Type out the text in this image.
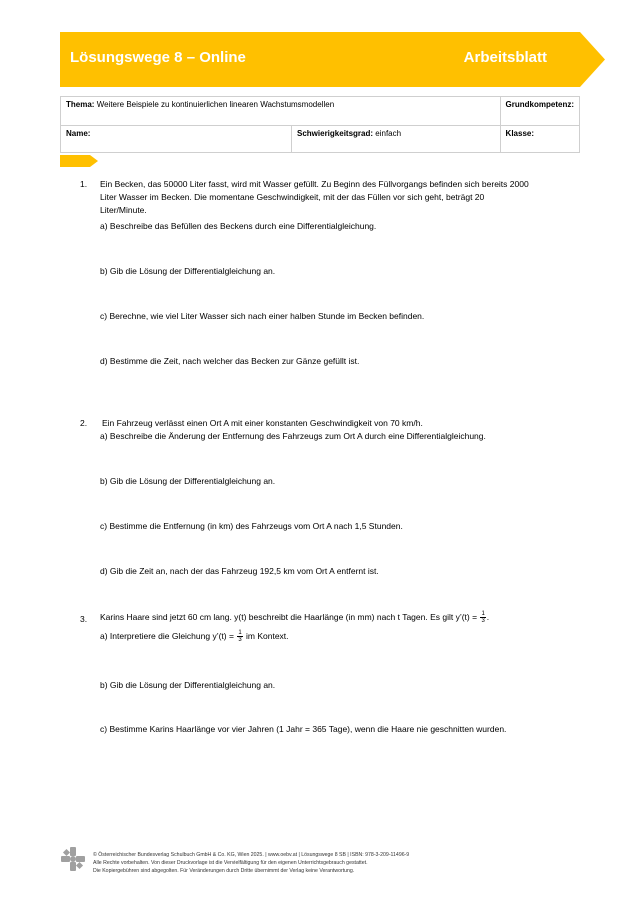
Lösungswege 8 – Online	Arbeitsblatt
Thema: Weitere Beispiele zu kontinuierlichen linearen Wachstumsmodellen		Grundkompetenz:
Name:	Schwierigkeitsgrad: einfach	Klasse:
1. Ein Becken, das 50000 Liter fasst, wird mit Wasser gefüllt. Zu Beginn des Füllvorgangs befinden sich bereits 2000
Liter Wasser im Becken. Die momentane Geschwindigkeit, mit der das Füllen vor sich geht, beträgt 20
Liter/Minute.
a) Beschreibe das Befüllen des Beckens durch eine Differentialgleichung.
b) Gib die Lösung der Differentialgleichung an.
c) Berechne, wie viel Liter Wasser sich nach einer halben Stunde im Becken befinden.
d) Bestimme die Zeit, nach welcher das Becken zur Gänze gefüllt ist.
2. Ein Fahrzeug verlässt einen Ort A mit einer konstanten Geschwindigkeit von 70 km/h.
a) Beschreibe die Änderung der Entfernung des Fahrzeugs zum Ort A durch eine Differentialgleichung.
b) Gib die Lösung der Differentialgleichung an.
c) Bestimme die Entfernung (in km) des Fahrzeugs vom Ort A nach 1,5 Stunden.
d) Gib die Zeit an, nach der das Fahrzeug 192,5 km vom Ort A entfernt ist.
3. Karins Haare sind jetzt 60 cm lang. y(t) beschreibt die Haarlänge (in mm) nach t Tagen. Es gilt y’(t) = $\frac{1}{3}$ .
a) Interpretiere die Gleichung y’(t) = $\frac{1}{3}$ im Kontext.
b) Gib die Lösung der Differentialgleichung an.
c) Bestimme Karins Haarlänge vor vier Jahren (1 Jahr = 365 Tage), wenn die Haare nie geschnitten wurden.
© Österreichischer Bundesverlag Schulbuch GmbH & Co. KG, Wien 2025. | www.oebv.at | Lösungswege 8 SB | ISBN: 978-3-209-11496-9
Alle Rechte vorbehalten. Von dieser Druckvorlage ist die Vervielfältigung für den eigenen Unterrichtsgebrauch gestattet.
Die Kopiergebühren sind abgegolten. Für Veränderungen durch Dritte übernimmt der Verlag keine Verantwortung.
